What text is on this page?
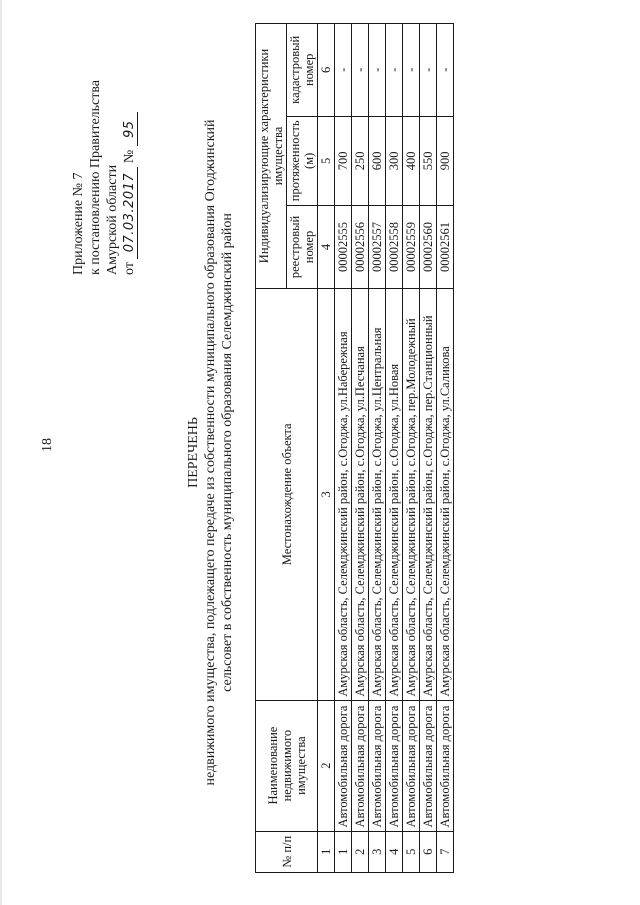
18
Приложение № 7 к постановлению Правительства Амурской области от 07.03.2017 № 95
ПЕРЕЧЕНЬ недвижимого имущества, подлежащего передаче из собственности муниципального образования Огоджинский сельсовет в собственность муниципального образования Селемджинский район
№ п/п	Наименование недвижимого имущества	Местонахождение объекта	Индивидуализирующие характеристики имущества		
			реестровый номер	протяженность (м)	кадастровый номер
1	2	3	4	5	6
1	Автомобильная дорога	Амурская область, Селемджинский район, с.Огоджа, ул.Набережная	00002555	700	-
2	Автомобильная дорога	Амурская область, Селемджинский район, с.Огоджа, ул.Песчаная	00002556	250	-
3	Автомобильная дорога	Амурская область, Селемджинский район, с.Огоджа, ул.Центральная	00002557	600	-
4	Автомобильная дорога	Амурская область, Селемджинский район, с.Огоджа, ул.Новая	00002558	300	-
5	Автомобильная дорога	Амурская область, Селемджинский район, с.Огоджа, пер.Молодежный	00002559	400	-
6	Автомобильная дорога	Амурская область, Селемджинский район, с.Огоджа, пер.Станционный	00002560	550	-
7	Автомобильная дорога	Амурская область, Селемджинский район, с.Огоджа, ул.Саликова	00002561	900	-
